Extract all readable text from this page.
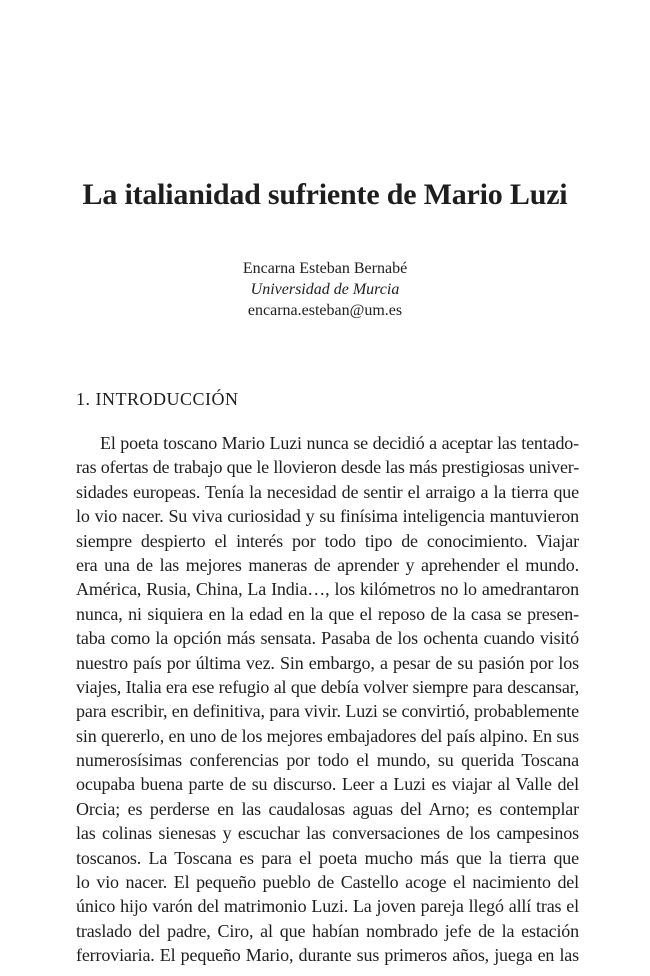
La italianidad sufriente de Mario Luzi
Encarna Esteban Bernabé
Universidad de Murcia
encarna.esteban@um.es
1. INTRODUCCIÓN
El poeta toscano Mario Luzi nunca se decidió a aceptar las tentado-
ras ofertas de trabajo que le llovieron desde las más prestigiosas univer-
sidades europeas. Tenía la necesidad de sentir el arraigo a la tierra que
lo vio nacer. Su viva curiosidad y su finísima inteligencia mantuvieron
siempre despierto el interés por todo tipo de conocimiento. Viajar
era una de las mejores maneras de aprender y aprehender el mundo.
América, Rusia, China, La India…, los kilómetros no lo amedrantaron
nunca, ni siquiera en la edad en la que el reposo de la casa se presen-
taba como la opción más sensata. Pasaba de los ochenta cuando visitó
nuestro país por última vez. Sin embargo, a pesar de su pasión por los
viajes, Italia era ese refugio al que debía volver siempre para descansar,
para escribir, en definitiva, para vivir. Luzi se convirtió, probablemente
sin quererlo, en uno de los mejores embajadores del país alpino. En sus
numerosísimas conferencias por todo el mundo, su querida Toscana
ocupaba buena parte de su discurso. Leer a Luzi es viajar al Valle del
Orcia; es perderse en las caudalosas aguas del Arno; es contemplar
las colinas sienesas y escuchar las conversaciones de los campesinos
toscanos. La Toscana es para el poeta mucho más que la tierra que
lo vio nacer. El pequeño pueblo de Castello acoge el nacimiento del
único hijo varón del matrimonio Luzi. La joven pareja llegó allí tras el
traslado del padre, Ciro, al que habían nombrado jefe de la estación
ferroviaria. El pequeño Mario, durante sus primeros años, juega en las
